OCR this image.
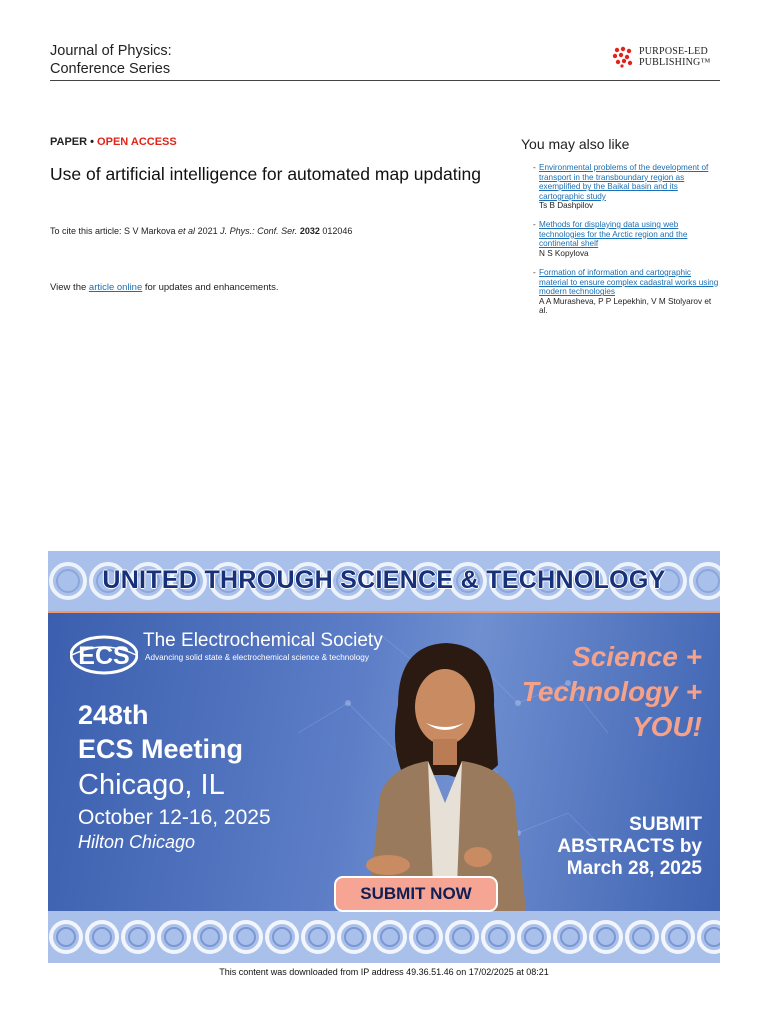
Journal of Physics:
Conference Series
PURPOSE-LED
PUBLISHING™
PAPER • OPEN ACCESS
Use of artificial intelligence for automated map updating
To cite this article: S V Markova et al 2021 J. Phys.: Conf. Ser. 2032 012046
View the article online for updates and enhancements.
You may also like
- Environmental problems of the development of transport in the transboundary region as exemplified by the Baikal basin and its cartographic study
Ts B Dashpilov
- Methods for displaying data using web technologies for the Arctic region and the continental shelf
N S Kopylova
- Formation of information and cartographic material to ensure complex cadastral works using modern technologies
A A Murasheva, P P Lepekhin, V M Stolyarov et al.
UNITED THROUGH SCIENCE & TECHNOLOGY
ECS
The Electrochemical Society
Advancing solid state & electrochemical science & technology
248th
ECS Meeting
Chicago, IL
October 12-16, 2025
Hilton Chicago
Science +
Technology +
YOU!
SUBMIT
ABSTRACTS by
March 28, 2025
SUBMIT NOW
This content was downloaded from IP address 49.36.51.46 on 17/02/2025 at 08:21
